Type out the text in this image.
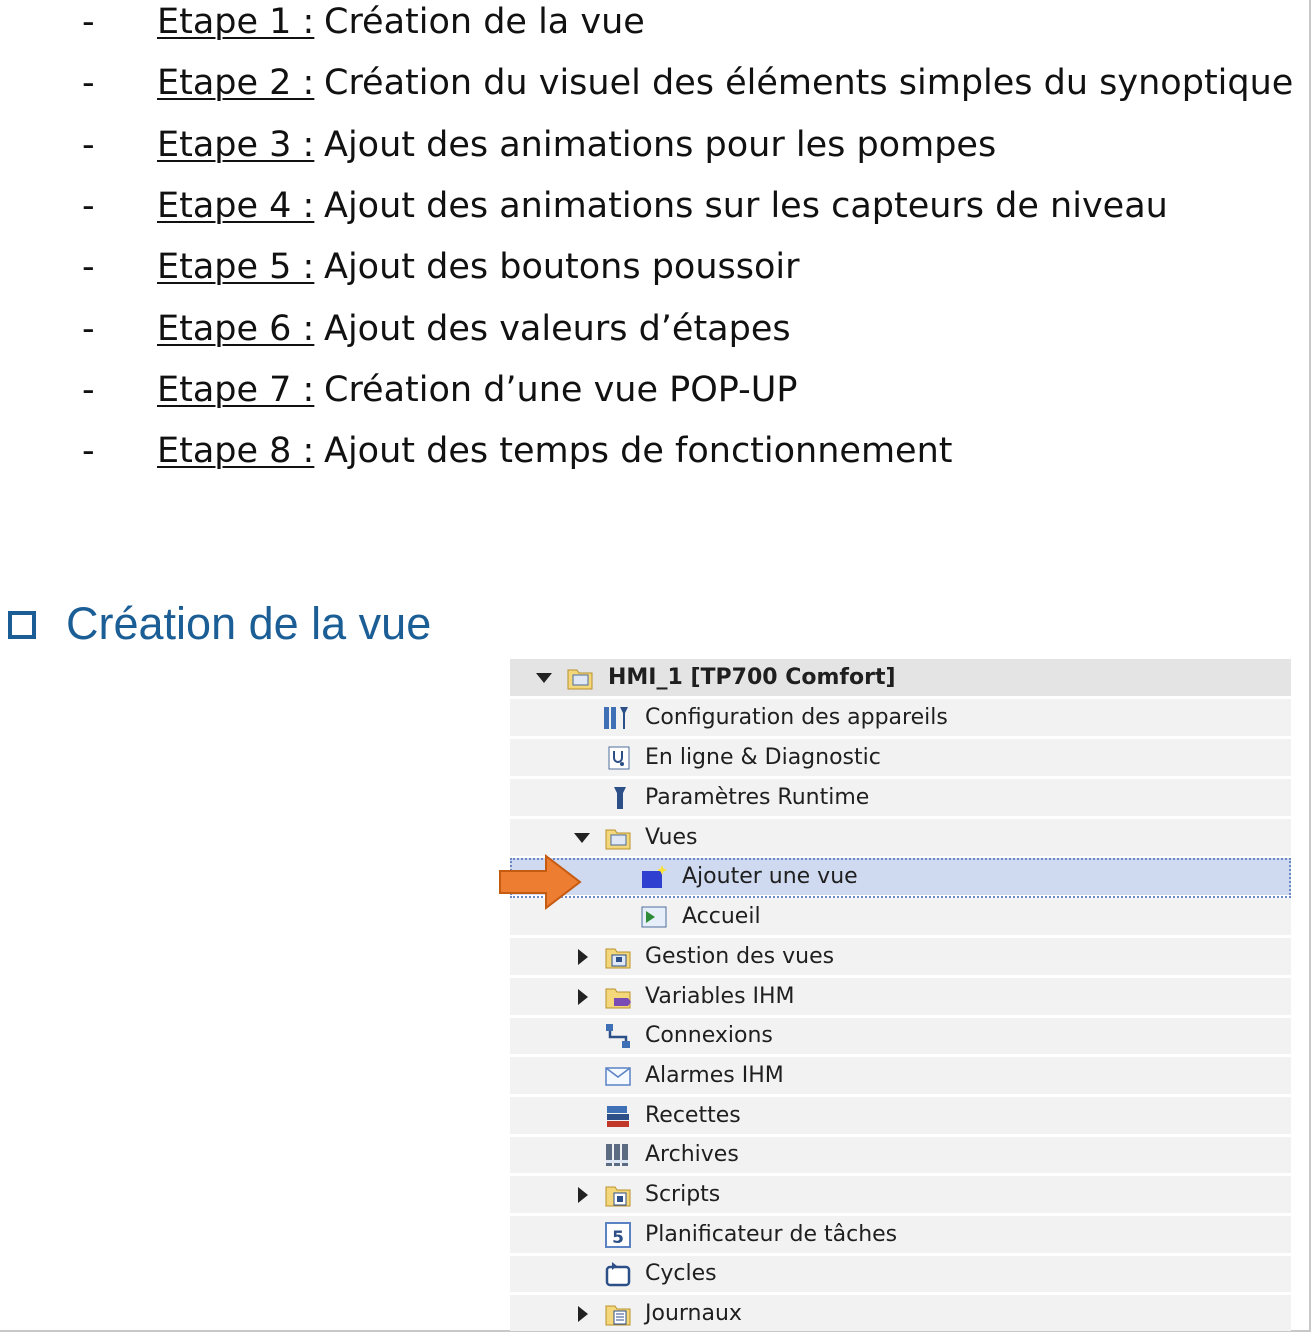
- Etape 1 : Création de la vue
- Etape 2 : Création du visuel des éléments simples du synoptique
- Etape 3 : Ajout des animations pour les pompes
- Etape 4 : Ajout des animations sur les capteurs de niveau
- Etape 5 : Ajout des boutons poussoir
- Etape 6 : Ajout des valeurs d’étapes
- Etape 7 : Création d’une vue POP-UP
- Etape 8 : Ajout des temps de fonctionnement
Création de la vue
HMI_1 [TP700 Comfort]
Configuration des appareils
En ligne & Diagnostic
Paramètres Runtime
Vues
Ajouter une vue
Accueil
Gestion des vues
Variables IHM
Connexions
Alarmes IHM
Recettes
Archives
Scripts
5 Planificateur de tâches
Cycles
Journaux
